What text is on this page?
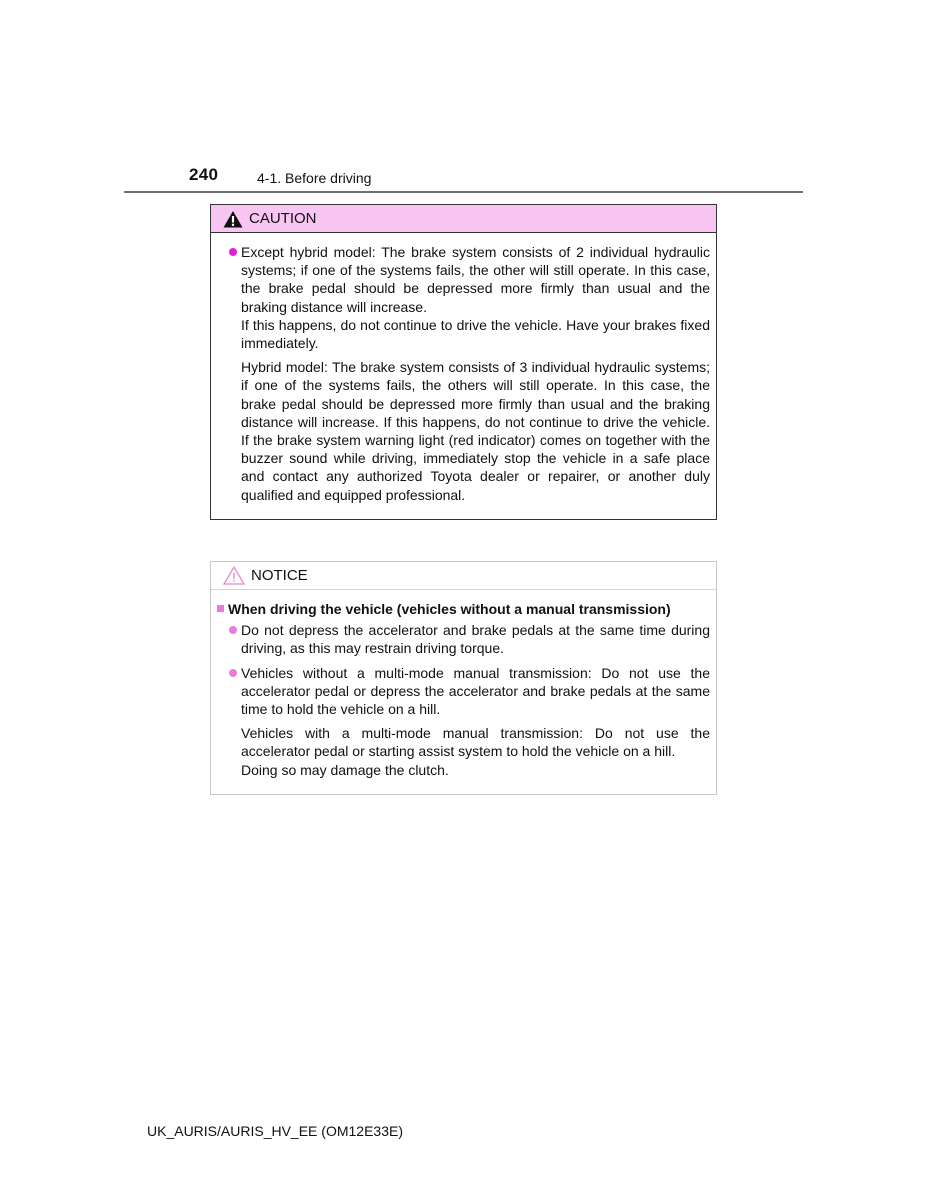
240	4-1. Before driving
CAUTION
Except hybrid model: The brake system consists of 2 individual hydraulic systems; if one of the systems fails, the other will still operate. In this case, the brake pedal should be depressed more firmly than usual and the braking distance will increase.
If this happens, do not continue to drive the vehicle. Have your brakes fixed immediately.
Hybrid model: The brake system consists of 3 individual hydraulic systems; if one of the systems fails, the others will still operate. In this case, the brake pedal should be depressed more firmly than usual and the braking distance will increase. If this happens, do not continue to drive the vehicle. If the brake system warning light (red indicator) comes on together with the buzzer sound while driving, immediately stop the vehicle in a safe place and contact any authorized Toyota dealer or repairer, or another duly qualified and equipped professional.
NOTICE
When driving the vehicle (vehicles without a manual transmission)
Do not depress the accelerator and brake pedals at the same time during driving, as this may restrain driving torque.
Vehicles without a multi-mode manual transmission: Do not use the accelerator pedal or depress the accelerator and brake pedals at the same time to hold the vehicle on a hill.
Vehicles with a multi-mode manual transmission: Do not use the accelerator pedal or starting assist system to hold the vehicle on a hill.
Doing so may damage the clutch.
UK_AURIS/AURIS_HV_EE (OM12E33E)
